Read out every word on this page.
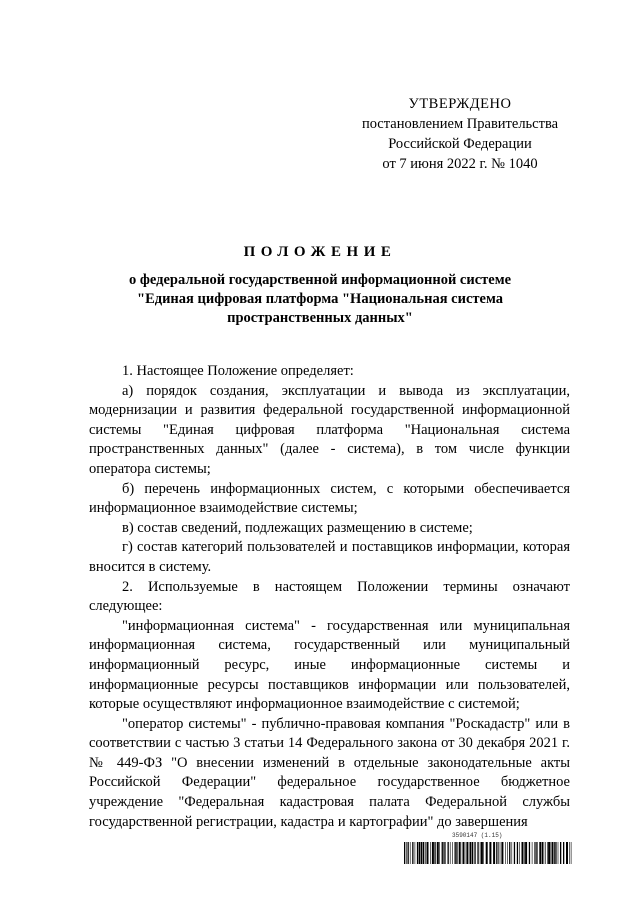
УТВЕРЖДЕНО
постановлением Правительства
Российской Федерации
от 7 июня 2022 г. № 1040
ПОЛОЖЕНИЕ
о федеральной государственной информационной системе
"Единая цифровая платформа "Национальная система
пространственных данных"

1. Настоящее Положение определяет:

а) порядок создания, эксплуатации и вывода из эксплуатации, модернизации и развития федеральной государственной информационной системы "Единая цифровая платформа "Национальная система пространственных данных" (далее - система), в том числе функции оператора системы;

б) перечень информационных систем, с которыми обеспечивается информационное взаимодействие системы;

в) состав сведений, подлежащих размещению в системе;

г) состав категорий пользователей и поставщиков информации, которая вносится в систему.

2. Используемые в настоящем Положении термины означают следующее:

"информационная система" - государственная или муниципальная информационная система, государственный или муниципальный информационный ресурс, иные информационные системы и информационные ресурсы поставщиков информации или пользователей, которые осуществляют информационное взаимодействие с системой;

"оператор системы" - публично-правовая компания "Роскадастр" или в соответствии с частью 3 статьи 14 Федерального закона от 30 декабря 2021 г. № 449-ФЗ "О внесении изменений в отдельные законодательные акты Российской Федерации" федеральное государственное бюджетное учреждение "Федеральная кадастровая палата Федеральной службы государственной регистрации, кадастра и картографии" до завершения

3590147 (1.15)
